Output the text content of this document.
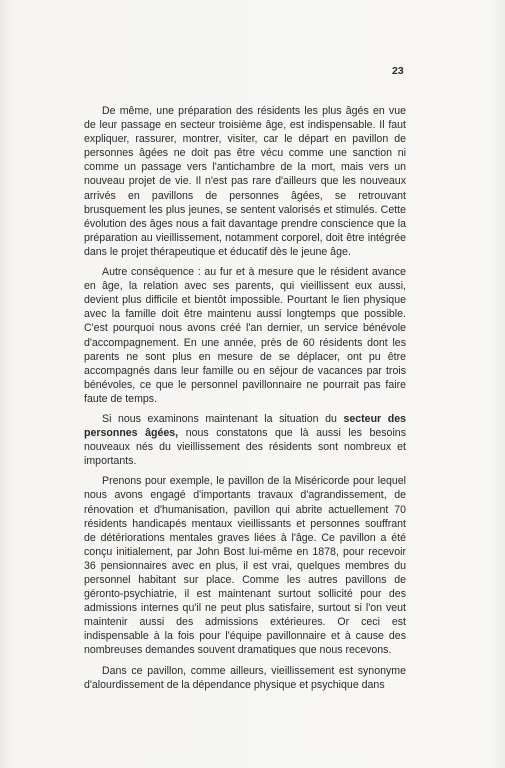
23

De même, une préparation des résidents les plus âgés en vue de leur passage en secteur troisième âge, est indispensable. Il faut expliquer, rassurer, montrer, visiter, car le départ en pavillon de personnes âgées ne doit pas être vécu comme une sanction ni comme un passage vers l'antichambre de la mort, mais vers un nouveau projet de vie. Il n'est pas rare d'ailleurs que les nouveaux arrivés en pavillons de personnes âgées, se retrouvant brusquement les plus jeunes, se sentent valorisés et stimulés. Cette évolution des âges nous a fait davantage prendre conscience que la préparation au vieillissement, notamment corporel, doit être intégrée dans le projet thérapeutique et éducatif dès le jeune âge.

Autre conséquence : au fur et à mesure que le résident avance en âge, la relation avec ses parents, qui vieillissent eux aussi, devient plus difficile et bientôt impossible. Pourtant le lien physique avec la famille doit être maintenu aussi longtemps que possible. C'est pourquoi nous avons créé l'an dernier, un service bénévole d'accompagnement. En une année, près de 60 résidents dont les parents ne sont plus en mesure de se déplacer, ont pu être accompagnés dans leur famille ou en séjour de vacances par trois bénévoles, ce que le personnel pavillonnaire ne pourrait pas faire faute de temps.

Si nous examinons maintenant la situation du secteur des personnes âgées, nous constatons que là aussi les besoins nouveaux nés du vieillissement des résidents sont nombreux et importants.

Prenons pour exemple, le pavillon de la Miséricorde pour lequel nous avons engagé d'importants travaux d'agrandissement, de rénovation et d'humanisation, pavillon qui abrite actuellement 70 résidents handicapés mentaux vieillissants et personnes souffrant de détériorations mentales graves liées à l'âge. Ce pavillon a été conçu initialement, par John Bost lui-même en 1878, pour recevoir 36 pensionnaires avec en plus, il est vrai, quelques membres du personnel habitant sur place. Comme les autres pavillons de géronto-psychiatrie, il est maintenant surtout sollicité pour des admissions internes qu'il ne peut plus satisfaire, surtout si l'on veut maintenir aussi des admissions extérieures. Or ceci est indispensable à la fois pour l'équipe pavillonnaire et à cause des nombreuses demandes souvent dramatiques que nous recevons.

Dans ce pavillon, comme ailleurs, vieillissement est synonyme d'alourdissement de la dépendance physique et psychique dans
